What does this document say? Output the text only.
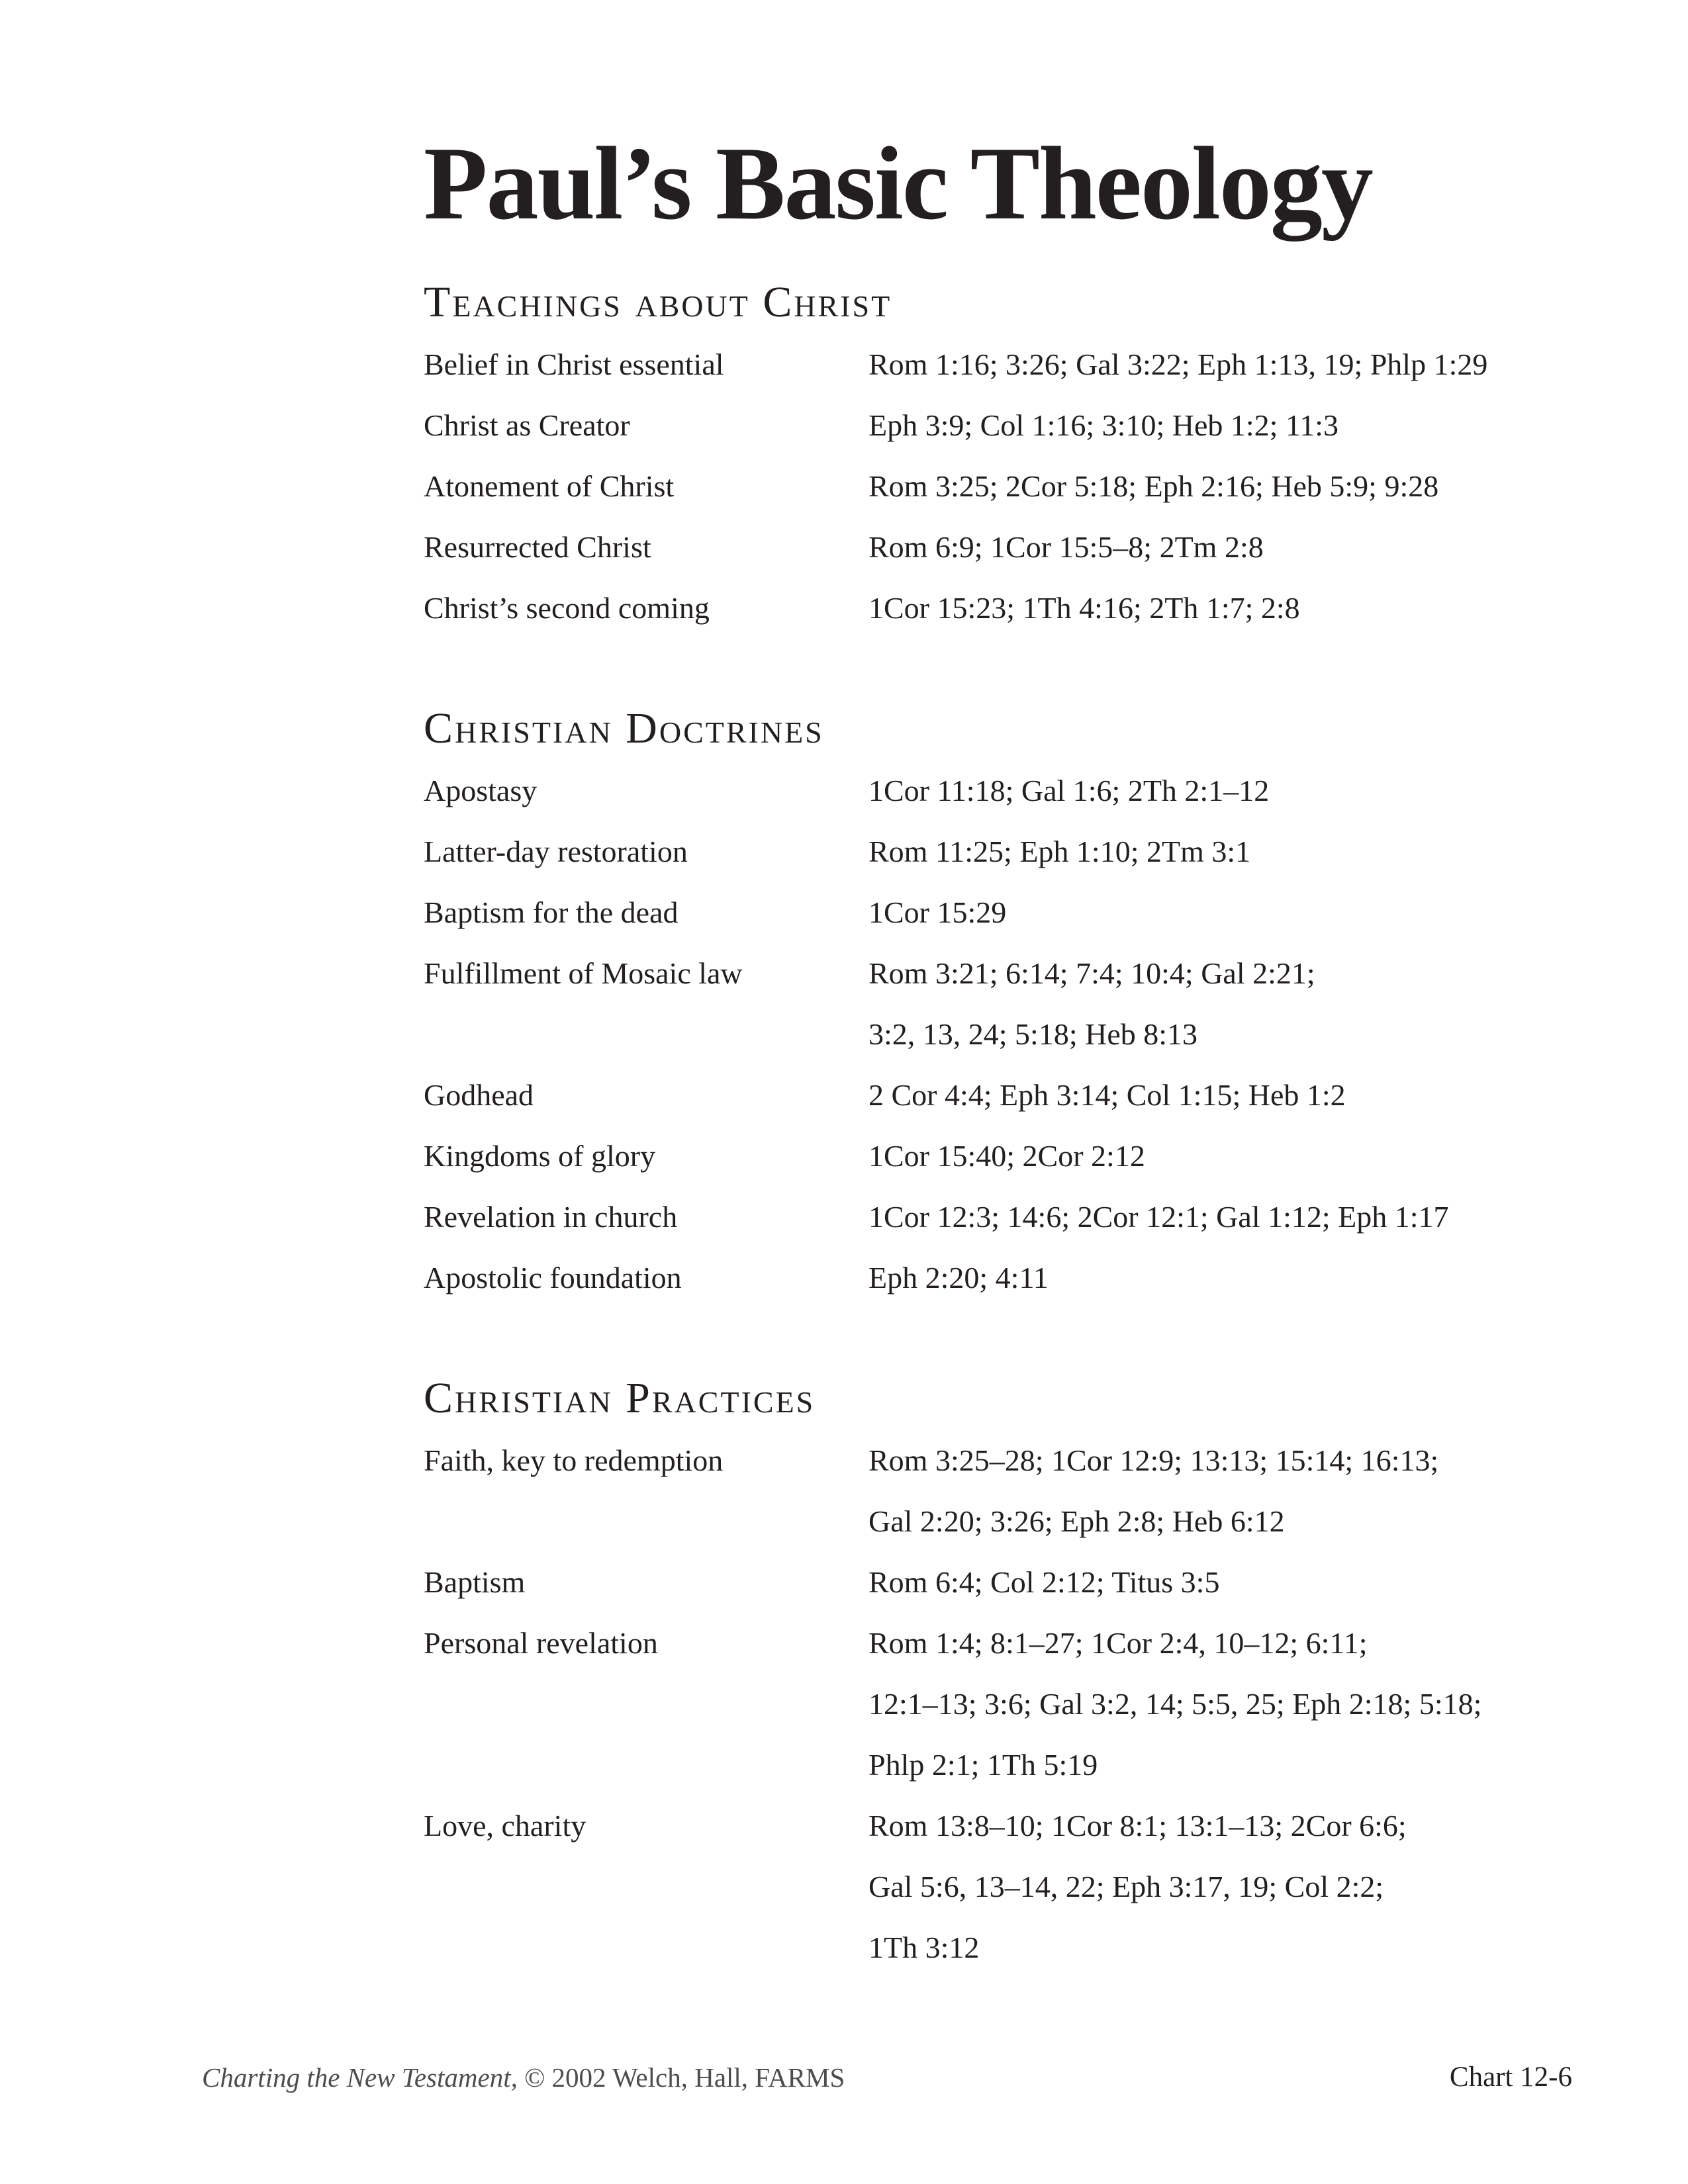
Paul’s Basic Theology
Teachings about Christ
Belief in Christ essential	Rom 1:16; 3:26; Gal 3:22; Eph 1:13, 19; Phlp 1:29
Christ as Creator	Eph 3:9; Col 1:16; 3:10; Heb 1:2; 11:3
Atonement of Christ	Rom 3:25; 2Cor 5:18; Eph 2:16; Heb 5:9; 9:28
Resurrected Christ	Rom 6:9; 1Cor 15:5–8; 2Tm 2:8
Christ’s second coming	1Cor 15:23; 1Th 4:16; 2Th 1:7; 2:8
Christian Doctrines
Apostasy	1Cor 11:18; Gal 1:6; 2Th 2:1–12
Latter-day restoration	Rom 11:25; Eph 1:10; 2Tm 3:1
Baptism for the dead	1Cor 15:29
Fulfillment of Mosaic law	Rom 3:21; 6:14; 7:4; 10:4; Gal 2:21;
3:2, 13, 24; 5:18; Heb 8:13
Godhead	2 Cor 4:4; Eph 3:14; Col 1:15; Heb 1:2
Kingdoms of glory	1Cor 15:40; 2Cor 2:12
Revelation in church	1Cor 12:3; 14:6; 2Cor 12:1; Gal 1:12; Eph 1:17
Apostolic foundation	Eph 2:20; 4:11
Christian Practices
Faith, key to redemption	Rom 3:25–28; 1Cor 12:9; 13:13; 15:14; 16:13;
Gal 2:20; 3:26; Eph 2:8; Heb 6:12
Baptism	Rom 6:4; Col 2:12; Titus 3:5
Personal revelation	Rom 1:4; 8:1–27; 1Cor 2:4, 10–12; 6:11;
12:1–13; 3:6; Gal 3:2, 14; 5:5, 25; Eph 2:18; 5:18;
Phlp 2:1; 1Th 5:19
Love, charity	Rom 13:8–10; 1Cor 8:1; 13:1–13; 2Cor 6:6;
Gal 5:6, 13–14, 22; Eph 3:17, 19; Col 2:2;
1Th 3:12
Charting the New Testament, © 2002 Welch, Hall, FARMS	Chart 12-6
